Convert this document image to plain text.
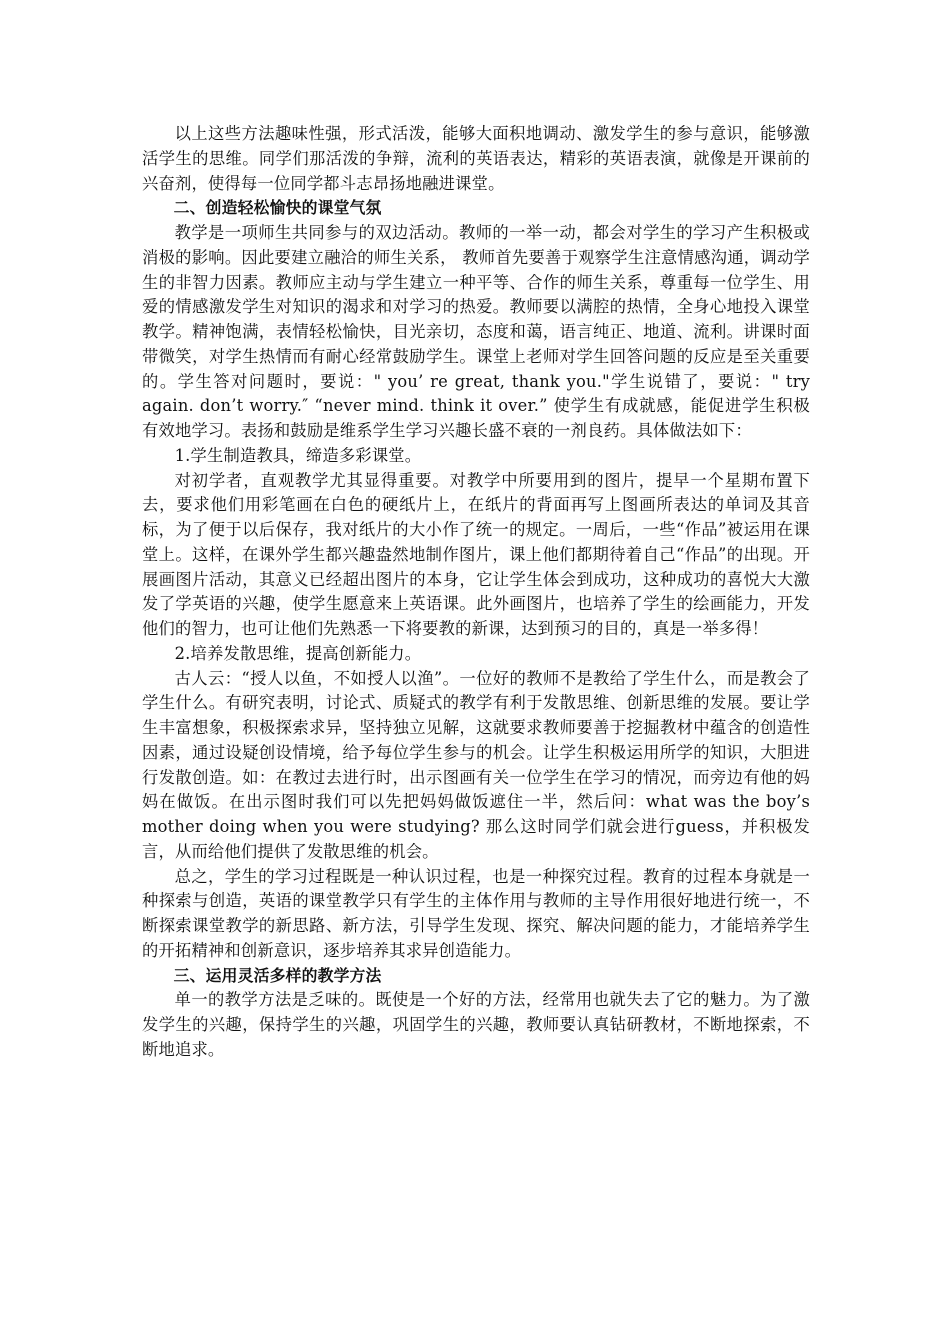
以上这些方法趣味性强，形式活泼，能够大面积地调动、激发学生的参与意识，能够激活学生的思维。同学们那活泼的争辩，流利的英语表达，精彩的英语表演，就像是开课前的兴奋剂，使得每一位同学都斗志昂扬地融进课堂。

二、创造轻松愉快的课堂气氛

教学是一项师生共同参与的双边活动。教师的一举一动，都会对学生的学习产生积极或消极的影响。因此要建立融洽的师生关系， 教师首先要善于观察学生注意情感沟通，调动学生的非智力因素。教师应主动与学生建立一种平等、合作的师生关系，尊重每一位学生、用爱的情感激发学生对知识的渴求和对学习的热爱。教师要以满腔的热情，全身心地投入课堂教学。精神饱满，表情轻松愉快，目光亲切，态度和蔼，语言纯正、地道、流利。讲课时面带微笑，对学生热情而有耐心经常鼓励学生。课堂上老师对学生回答问题的反应是至关重要的。学生答对问题时，要说：" you’ re great, thank you."学生说错了，要说：" try again. don’t worry.″ “never mind. think it over.” 使学生有成就感，能促进学生积极有效地学习。表扬和鼓励是维系学生学习兴趣长盛不衰的一剂良药。具体做法如下：

1.学生制造教具，缔造多彩课堂。

对初学者，直观教学尤其显得重要。对教学中所要用到的图片，提早一个星期布置下去，要求他们用彩笔画在白色的硬纸片上，在纸片的背面再写上图画所表达的单词及其音标，为了便于以后保存，我对纸片的大小作了统一的规定。一周后，一些“作品”被运用在课堂上。这样，在课外学生都兴趣盎然地制作图片，课上他们都期待着自己“作品”的出现。开展画图片活动，其意义已经超出图片的本身，它让学生体会到成功，这种成功的喜悦大大激发了学英语的兴趣，使学生愿意来上英语课。此外画图片，也培养了学生的绘画能力，开发他们的智力，也可让他们先熟悉一下将要教的新课，达到预习的目的，真是一举多得！

2.培养发散思维，提高创新能力。

古人云：“授人以鱼，不如授人以渔”。一位好的教师不是教给了学生什么，而是教会了学生什么。有研究表明，讨论式、质疑式的教学有利于发散思维、创新思维的发展。要让学生丰富想象，积极探索求异，坚持独立见解，这就要求教师要善于挖掘教材中蕴含的创造性因素，通过设疑创设情境，给予每位学生参与的机会。让学生积极运用所学的知识，大胆进行发散创造。如：在教过去进行时，出示图画有关一位学生在学习的情况，而旁边有他的妈妈在做饭。在出示图时我们可以先把妈妈做饭遮住一半，然后问：what was the boy’s mother doing when you were studying? 那么这时同学们就会进行guess，并积极发言，从而给他们提供了发散思维的机会。

总之，学生的学习过程既是一种认识过程，也是一种探究过程。教育的过程本身就是一种探索与创造，英语的课堂教学只有学生的主体作用与教师的主导作用很好地进行统一，不断探索课堂教学的新思路、新方法，引导学生发现、探究、解决问题的能力，才能培养学生的开拓精神和创新意识，逐步培养其求异创造能力。

三、运用灵活多样的教学方法

单一的教学方法是乏味的。既使是一个好的方法，经常用也就失去了它的魅力。为了激发学生的兴趣，保持学生的兴趣，巩固学生的兴趣，教师要认真钻研教材，不断地探索，不断地追求。
